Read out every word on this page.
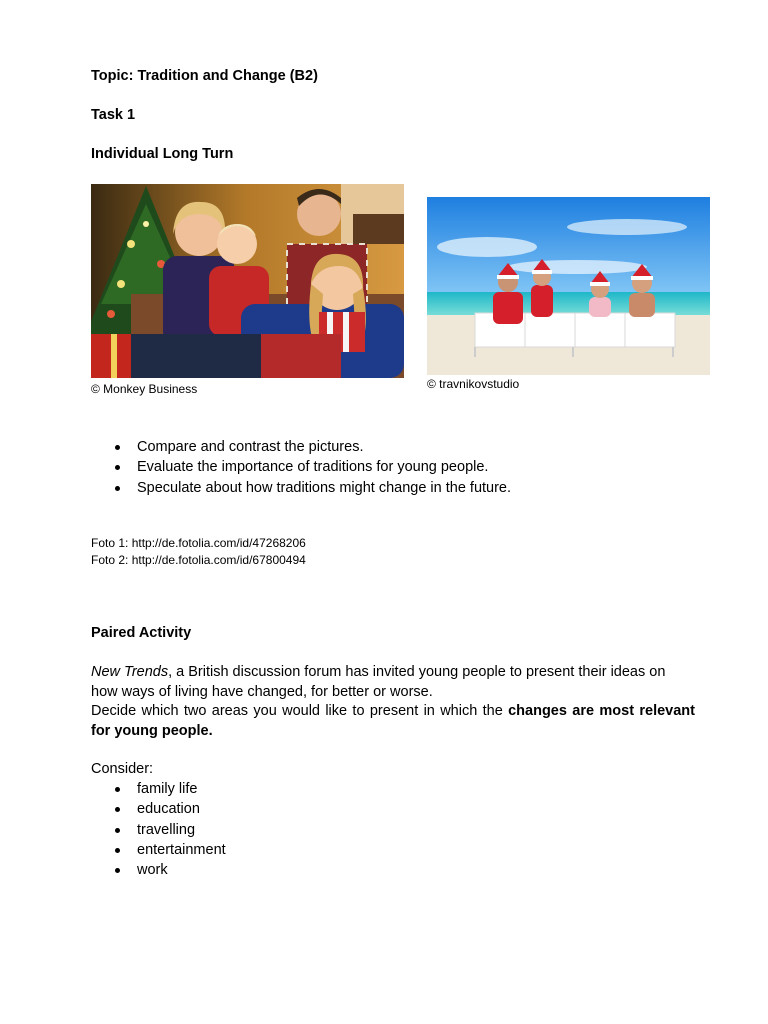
Topic: Tradition and Change (B2)
Task 1
Individual Long Turn
© Monkey Business	© travnikovstudio
Compare and contrast the pictures.
Evaluate the importance of traditions for young people.
Speculate about how traditions might change in the future.
Foto 1: http://de.fotolia.com/id/47268206
Foto 2: http://de.fotolia.com/id/67800494
Paired Activity
New Trends, a British discussion forum has invited young people to present their ideas on how ways of living have changed, for better or worse.
Decide which two areas you would like to present in which the changes are most relevant for young people.
Consider:
family life
education
travelling
entertainment
work
